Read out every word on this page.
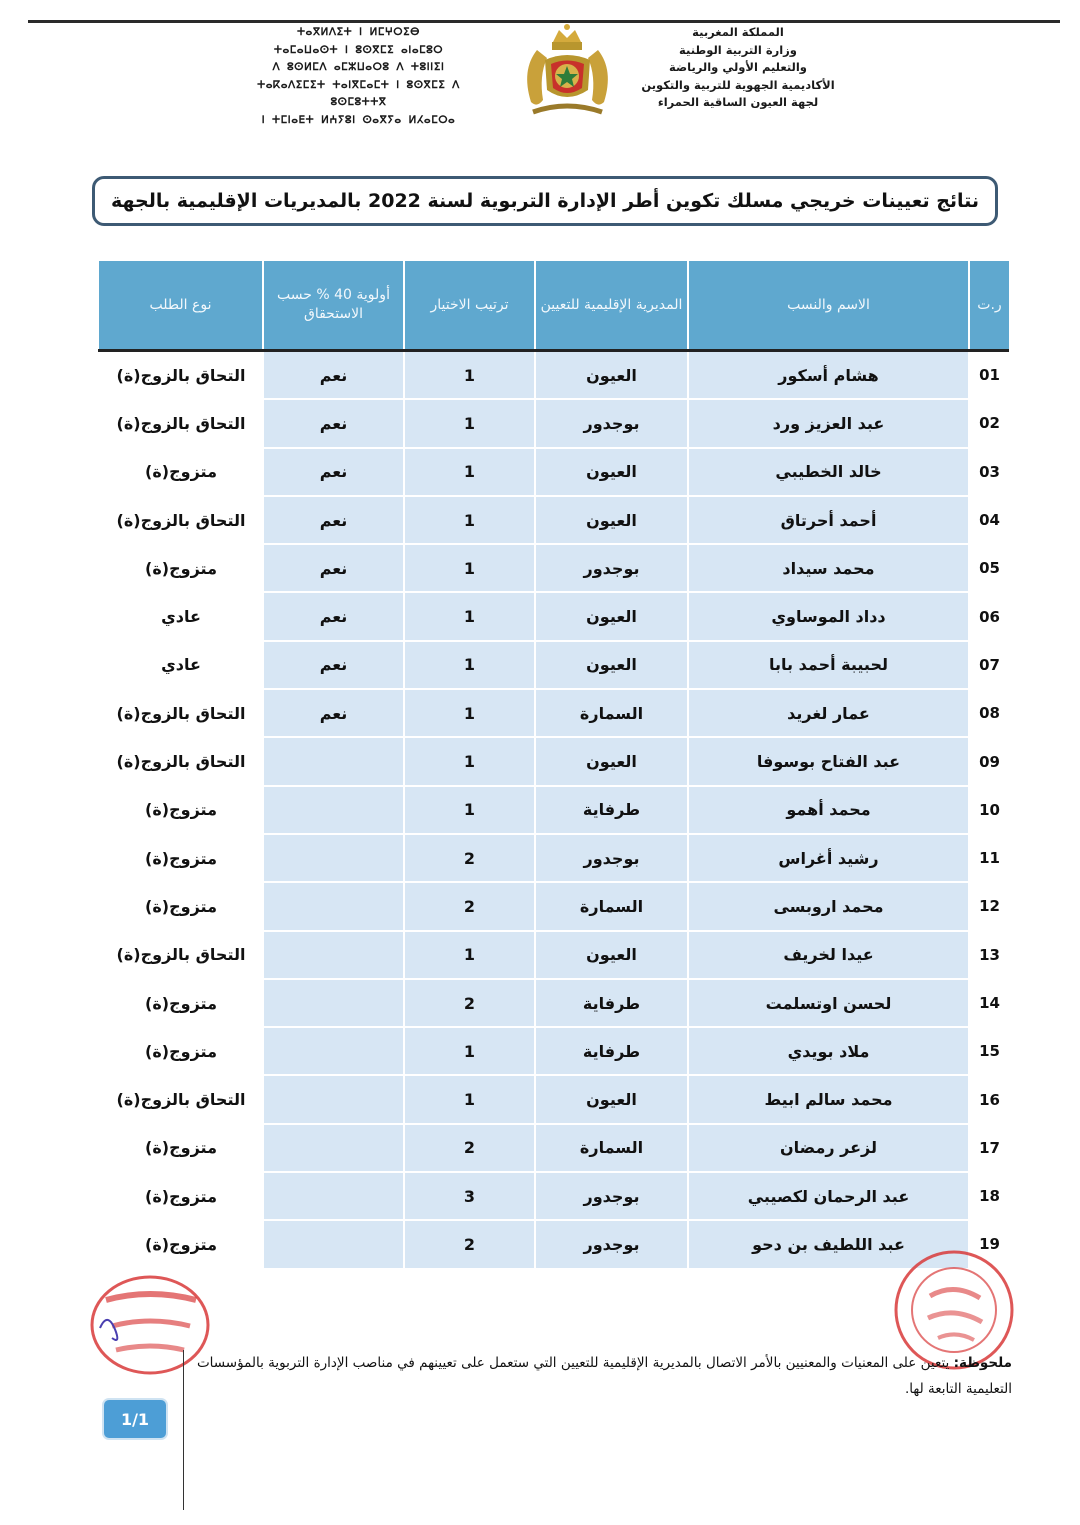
المملكة المغربية
وزارة التربية الوطنية
والتعليم الأولي والرياضة
الأكاديمية الجهوية للتربية والتكوين
لجهة العيون الساقية الحمراء
ⵜⴰⴳⵍⴷⵉⵜ ⵏ ⵍⵎⵖⵔⵉⴱ
ⵜⴰⵎⴰⵡⴰⵙⵜ ⵏ ⵓⵙⴳⵎⵉ ⴰⵏⴰⵎⵓⵔ
ⴷ ⵓⵙⵍⵎⴷ ⴰⵎⵣⵡⴰⵔⵓ ⴷ ⵜⵓⵏⵏⵉⵏ
ⵜⴰⴽⴰⴷⵉⵎⵉⵜ ⵜⴰⵏⴳⵎⴰⵎⵜ ⵏ ⵓⵙⴳⵎⵉ ⴷ ⵓⵙⵎⵓⵜⵜⴳ
ⵏ ⵜⵎⵏⴰⴹⵜ ⵍⵄⵢⵓⵏ ⵙⴰⴳⵢⴰ ⵍⵃⴰⵎⵔⴰ
نتائج تعيينات خريجي مسلك تكوين أطر الإدارة التربوية لسنة 2022 بالمديريات الإقليمية بالجهة
ر.ت	الاسم والنسب	المديرية الإقليمية للتعيين	ترتيب الاختيار	أولوية 40 % حسب الاستحقاق	نوع الطلب
01	هشام أسكور	العيون	1	نعم	التحاق بالزوج(ة)
02	عبد العزيز ورد	بوجدور	1	نعم	التحاق بالزوج(ة)
03	خالد الخطيبي	العيون	1	نعم	متزوج(ة)
04	أحمد أحرتاق	العيون	1	نعم	التحاق بالزوج(ة)
05	محمد سيداد	بوجدور	1	نعم	متزوج(ة)
06	دداد الموساوي	العيون	1	نعم	عادي
07	لحبيبة أحمد بابا	العيون	1	نعم	عادي
08	عمار لغريد	السمارة	1	نعم	التحاق بالزوج(ة)
09	عبد الفتاح بوسوفا	العيون	1		التحاق بالزوج(ة)
10	محمد أهمو	طرفاية	1		متزوج(ة)
11	رشيد أغراس	بوجدور	2		متزوج(ة)
12	محمد اروبسى	السمارة	2		متزوج(ة)
13	عيدا لخريف	العيون	1		التحاق بالزوج(ة)
14	لحسن اوتسلمت	طرفاية	2		متزوج(ة)
15	ملاد بويدي	طرفاية	1		متزوج(ة)
16	محمد سالم ابيط	العيون	1		التحاق بالزوج(ة)
17	لزعر رمضان	السمارة	2		متزوج(ة)
18	عبد الرحمان لكصيبي	بوجدور	3		متزوج(ة)
19	عبد اللطيف بن دحو	بوجدور	2		متزوج(ة)
ملحوظة: يتعين على المعنيات والمعنيين بالأمر الاتصال بالمديرية الإقليمية للتعيين التي ستعمل على تعيينهم في مناصب الإدارة التربوية بالمؤسسات التعليمية التابعة لها.
1/1
